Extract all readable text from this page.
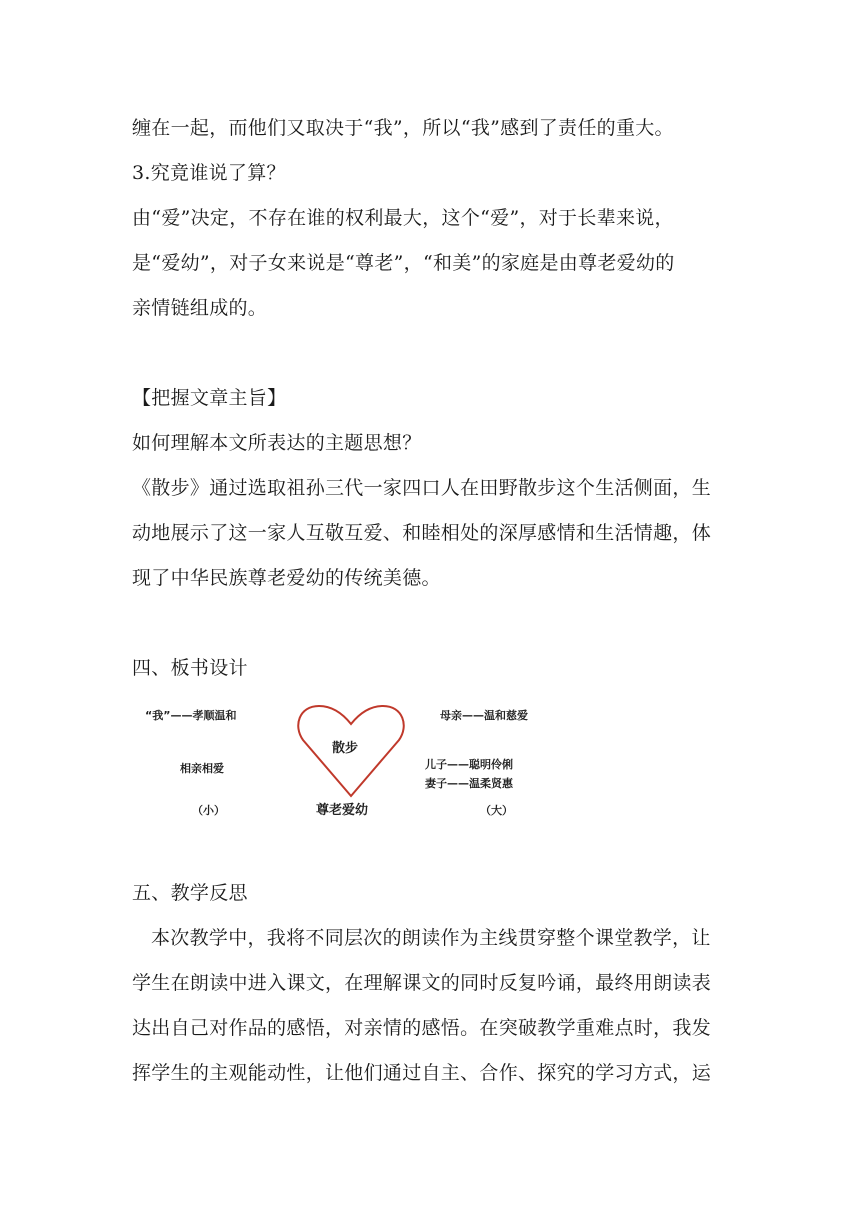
缠在一起，而他们又取决于“我”，所以“我”感到了责任的重大。
3.究竟谁说了算？
由“爱”决定，不存在谁的权利最大，这个“爱”，对于长辈来说，
是“爱幼”，对子女来说是“尊老”，“和美”的家庭是由尊老爱幼的
亲情链组成的。
【把握文章主旨】
如何理解本文所表达的主题思想？
《散步》通过选取祖孙三代一家四口人在田野散步这个生活侧面，生
动地展示了这一家人互敬互爱、和睦相处的深厚感情和生活情趣，体
现了中华民族尊老爱幼的传统美德。
四、板书设计
“我”——孝顺温和
相亲相爱
（小）
散步
尊老爱幼
母亲——温和慈爱
儿子——聪明伶俐
妻子——温柔贤惠
（大）
五、教学反思
本次教学中，我将不同层次的朗读作为主线贯穿整个课堂教学，让
学生在朗读中进入课文，在理解课文的同时反复吟诵，最终用朗读表
达出自己对作品的感悟，对亲情的感悟。在突破教学重难点时，我发
挥学生的主观能动性，让他们通过自主、合作、探究的学习方式，运
